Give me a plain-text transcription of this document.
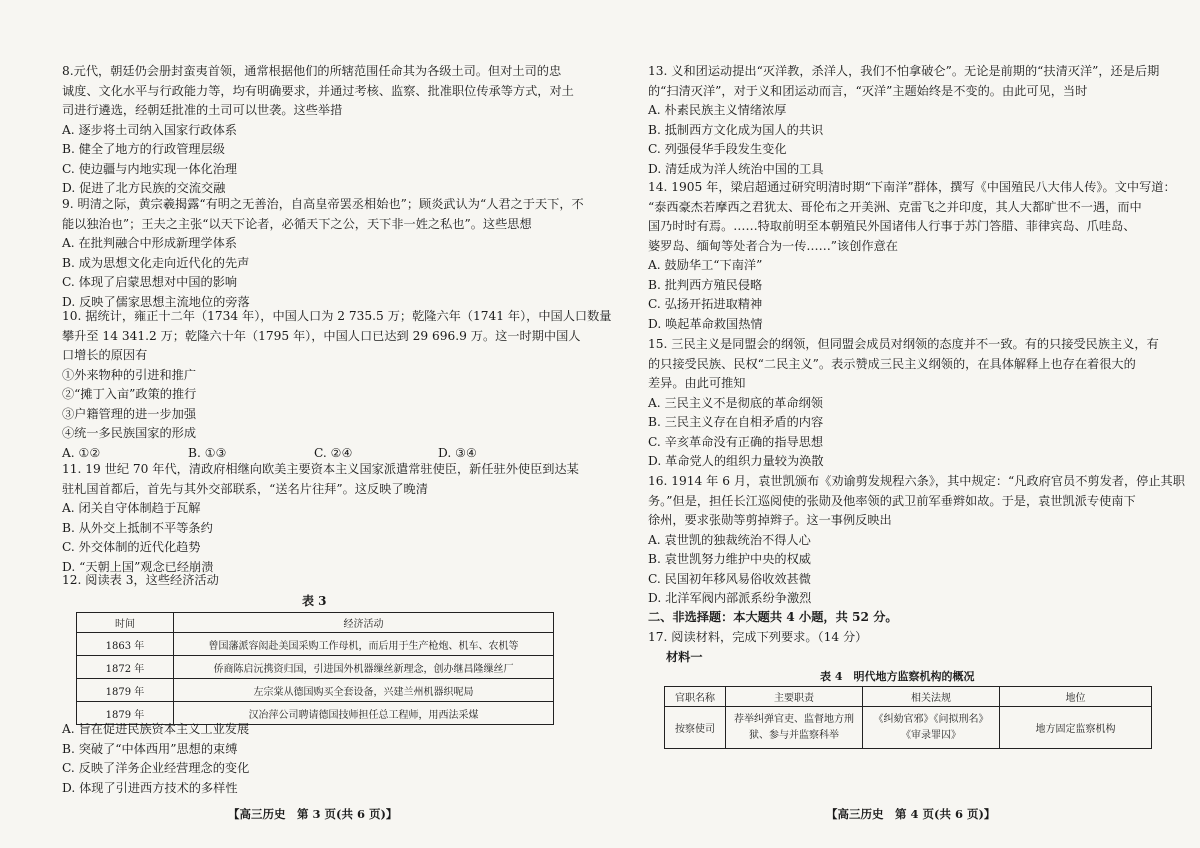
8.元代，朝廷仍会册封蛮夷首领，通常根据他们的所辖范围任命其为各级土司。但对土司的忠
诚度、文化水平与行政能力等，均有明确要求，并通过考核、监察、批准职位传承等方式，对土
司进行遴选，经朝廷批准的土司可以世袭。这些举措
A. 逐步将土司纳入国家行政体系
B. 健全了地方的行政管理层级
C. 使边疆与内地实现一体化治理
D. 促进了北方民族的交流交融
9. 明清之际，黄宗羲揭露“有明之无善治，自高皇帝罢丞相始也”；顾炎武认为“人君之于天下，不
能以独治也”；王夫之主张“以天下论者，必循天下之公，天下非一姓之私也”。这些思想
A. 在批判融合中形成新理学体系
B. 成为思想文化走向近代化的先声
C. 体现了启蒙思想对中国的影响
D. 反映了儒家思想主流地位的旁落
10. 据统计，雍正十二年（1734 年），中国人口为 2 735.5 万；乾隆六年（1741 年），中国人口数量
攀升至 14 341.2 万；乾隆六十年（1795 年），中国人口已达到 29 696.9 万。这一时期中国人
口增长的原因有
①外来物种的引进和推广
②“摊丁入亩”政策的推行
③户籍管理的进一步加强
④统一多民族国家的形成
A. ①②	B. ①③	C. ②④	D. ③④
11. 19 世纪 70 年代，清政府相继向欧美主要资本主义国家派遣常驻使臣，新任驻外使臣到达某
驻札国首都后，首先与其外交部联系，“送名片往拜”。这反映了晚清
A. 闭关自守体制趋于瓦解
B. 从外交上抵制不平等条约
C. 外交体制的近代化趋势
D. “天朝上国”观念已经崩溃
12. 阅读表 3，这些经济活动
表 3
时间	经济活动
1863 年	曾国藩派容闳赴美国采购工作母机，而后用于生产枪炮、机车、农机等
1872 年	侨商陈启沅携资归国，引进国外机器缫丝新理念，创办继昌隆缫丝厂
1879 年	左宗棠从德国购买全套设备，兴建兰州机器织呢局
1879 年	汉冶萍公司聘请德国技师担任总工程师，用西法采煤
A. 旨在促进民族资本主义工业发展
B. 突破了“中体西用”思想的束缚
C. 反映了洋务企业经营理念的变化
D. 体现了引进西方技术的多样性
【高三历史　第 3 页(共 6 页)】
13. 义和团运动提出“灭洋教，杀洋人，我们不怕拿破仑”。无论是前期的“扶清灭洋”，还是后期
的“扫清灭洋”，对于义和团运动而言，“灭洋”主题始终是不变的。由此可见，当时
A. 朴素民族主义情绪浓厚
B. 抵制西方文化成为国人的共识
C. 列强侵华手段发生变化
D. 清廷成为洋人统治中国的工具
14. 1905 年，梁启超通过研究明清时期“下南洋”群体，撰写《中国殖民八大伟人传》。文中写道：
“泰西豪杰若摩西之君犹太、哥伦布之开美洲、克雷飞之并印度，其人大都旷世不一遇，而中
国乃时时有焉。……特取前明至本朝殖民外国诸伟人行事于苏门答腊、菲律宾岛、爪哇岛、
婆罗岛、缅甸等处者合为一传……”该创作意在
A. 鼓励华工“下南洋”
B. 批判西方殖民侵略
C. 弘扬开拓进取精神
D. 唤起革命救国热情
15. 三民主义是同盟会的纲领，但同盟会成员对纲领的态度并不一致。有的只接受民族主义，有
的只接受民族、民权“二民主义”。表示赞成三民主义纲领的，在具体解释上也存在着很大的
差异。由此可推知
A. 三民主义不是彻底的革命纲领
B. 三民主义存在自相矛盾的内容
C. 辛亥革命没有正确的指导思想
D. 革命党人的组织力量较为涣散
16. 1914 年 6 月，袁世凯颁布《劝谕剪发规程六条》，其中规定：“凡政府官员不剪发者，停止其职
务。”但是，担任长江巡阅使的张勋及他率领的武卫前军垂辫如故。于是，袁世凯派专使南下
徐州，要求张勋等剪掉辫子。这一事例反映出
A. 袁世凯的独裁统治不得人心
B. 袁世凯努力维护中央的权威
C. 民国初年移风易俗收效甚微
D. 北洋军阀内部派系纷争激烈
二、非选择题：本大题共 4 小题，共 52 分。
17. 阅读材料，完成下列要求。（14 分）
材料一
表 4　明代地方监察机构的概况
官职名称	主要职责	相关法规	地位
按察使司	荐举纠弹官吏、监督地方刑狱、参与并监察科举	《纠劾官邪》《问拟刑名》《审录罪囚》	地方固定监察机构
【高三历史　第 4 页(共 6 页)】
